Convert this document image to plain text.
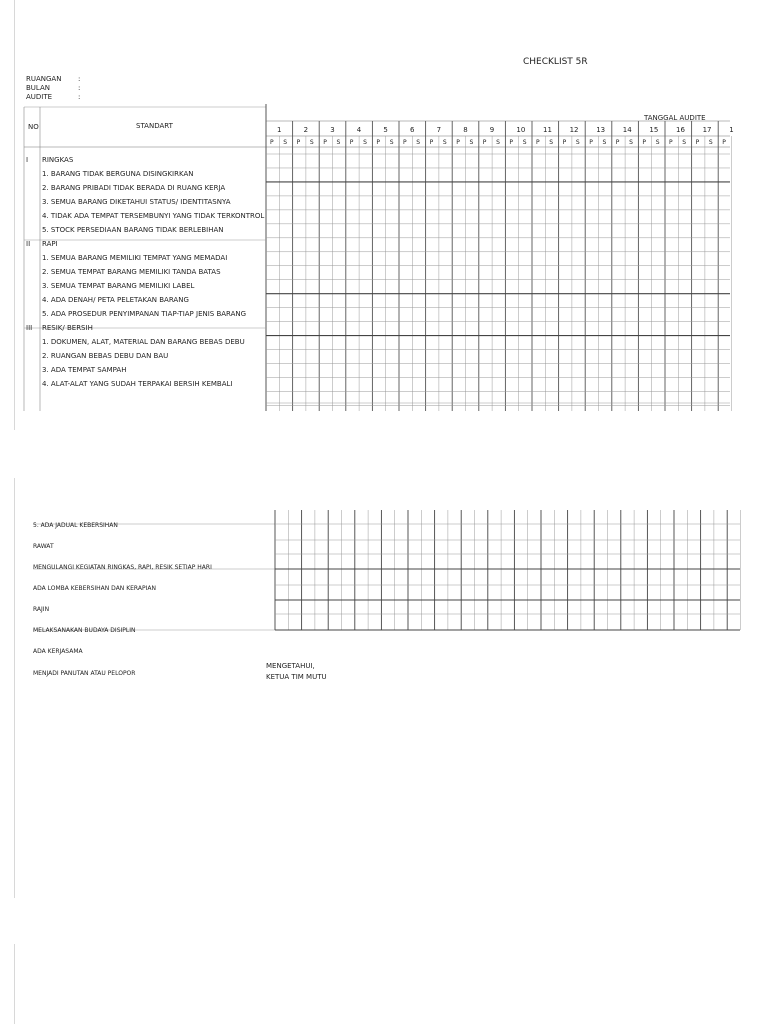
CHECKLIST 5R
RUANGAN :
BULAN	:
AUDITE	:
NO	STANDART
TANGGAL AUDITE
1	2	3	4	5	6	7	8	9	10	11	12	13	14	15	16	17	1
P S P S P S P S P S P S P S P S P S P S P S P S P S P S P S P S P S P
I RINGKAS
1. BARANG TIDAK BERGUNA DISINGKIRKAN
2. BARANG PRIBADI TIDAK BERADA DI RUANG KERJA
3. SEMUA BARANG DIKETAHUI STATUS/ IDENTITASNYA
4. TIDAK ADA TEMPAT TERSEMBUNYI YANG TIDAK TERKONTROL
5. STOCK PERSEDIAAN BARANG TIDAK BERLEBIHAN
II RAPI
1. SEMUA BARANG MEMILIKI TEMPAT YANG MEMADAI
2. SEMUA TEMPAT BARANG MEMILIKI TANDA BATAS
3. SEMUA TEMPAT BARANG MEMILIKI LABEL
4. ADA DENAH/ PETA PELETAKAN BARANG
5. ADA PROSEDUR PENYIMPANAN TIAP-TIAP JENIS BARANG
III RESIK/ BERSIH
1. DOKUMEN, ALAT, MATERIAL DAN BARANG BEBAS DEBU
2. RUANGAN BEBAS DEBU DAN BAU
3. ADA TEMPAT SAMPAH
4. ALAT-ALAT YANG SUDAH TERPAKAI BERSIH KEMBALI
5. ADA JADUAL KEBERSIHAN
RAWAT
MENGULANGI KEGIATAN RINGKAS, RAPI, RESIK SETIAP HARI
ADA LOMBA KEBERSIHAN DAN KERAPIAN
RAJIN
MELAKSANAKAN BUDAYA DISIPLIN
ADA KERJASAMA
MENJADI PANUTAN ATAU PELOPOR
MENGETAHUI,
KETUA TIM MUTU
